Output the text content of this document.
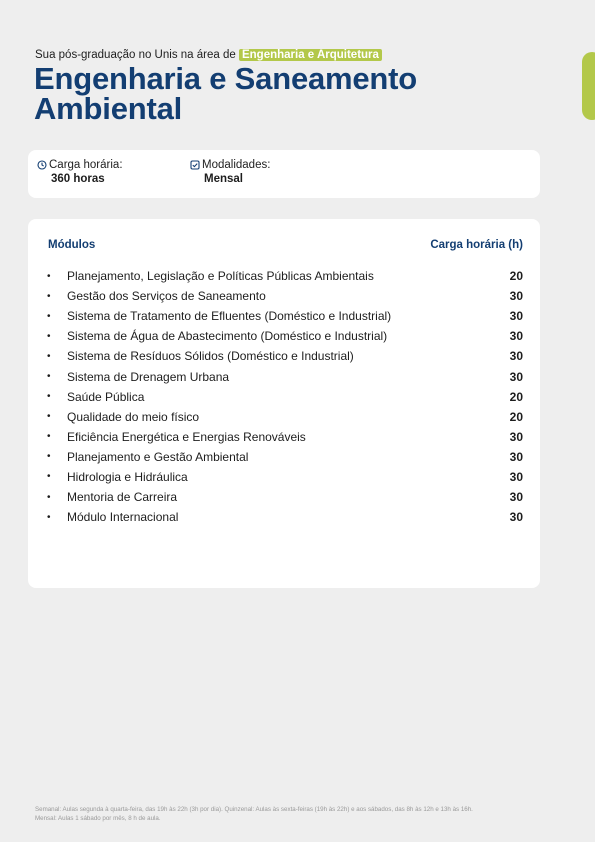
Sua pós-graduação no Unis na área de Engenharia e Arquitetura
Engenharia e Saneamento
Ambiental
Carga horária:
360 horas
Modalidades:
Mensal
Módulos	Carga horária (h)
•	Planejamento, Legislação e Políticas Públicas Ambientais	20
•	Gestão dos Serviços de Saneamento	30
•	Sistema de Tratamento de Efluentes (Doméstico e Industrial)	30
•	Sistema de Água de Abastecimento (Doméstico e Industrial)	30
•	Sistema de Resíduos Sólidos (Doméstico e Industrial)	30
•	Sistema de Drenagem Urbana	30
•	Saúde Pública	20
•	Qualidade do meio físico	20
•	Eficiência Energética e Energias Renováveis	30
•	Planejamento e Gestão Ambiental	30
•	Hidrologia e Hidráulica	30
•	Mentoria de Carreira	30
•	Módulo Internacional	30
Semanal: Aulas segunda à quarta-feira, das 19h às 22h (3h por dia). Quinzenal: Aulas às sexta-feiras (19h às 22h) e aos sábados, das 8h às 12h e 13h às 16h.
Mensal: Aulas 1 sábado por mês, 8 h de aula.
